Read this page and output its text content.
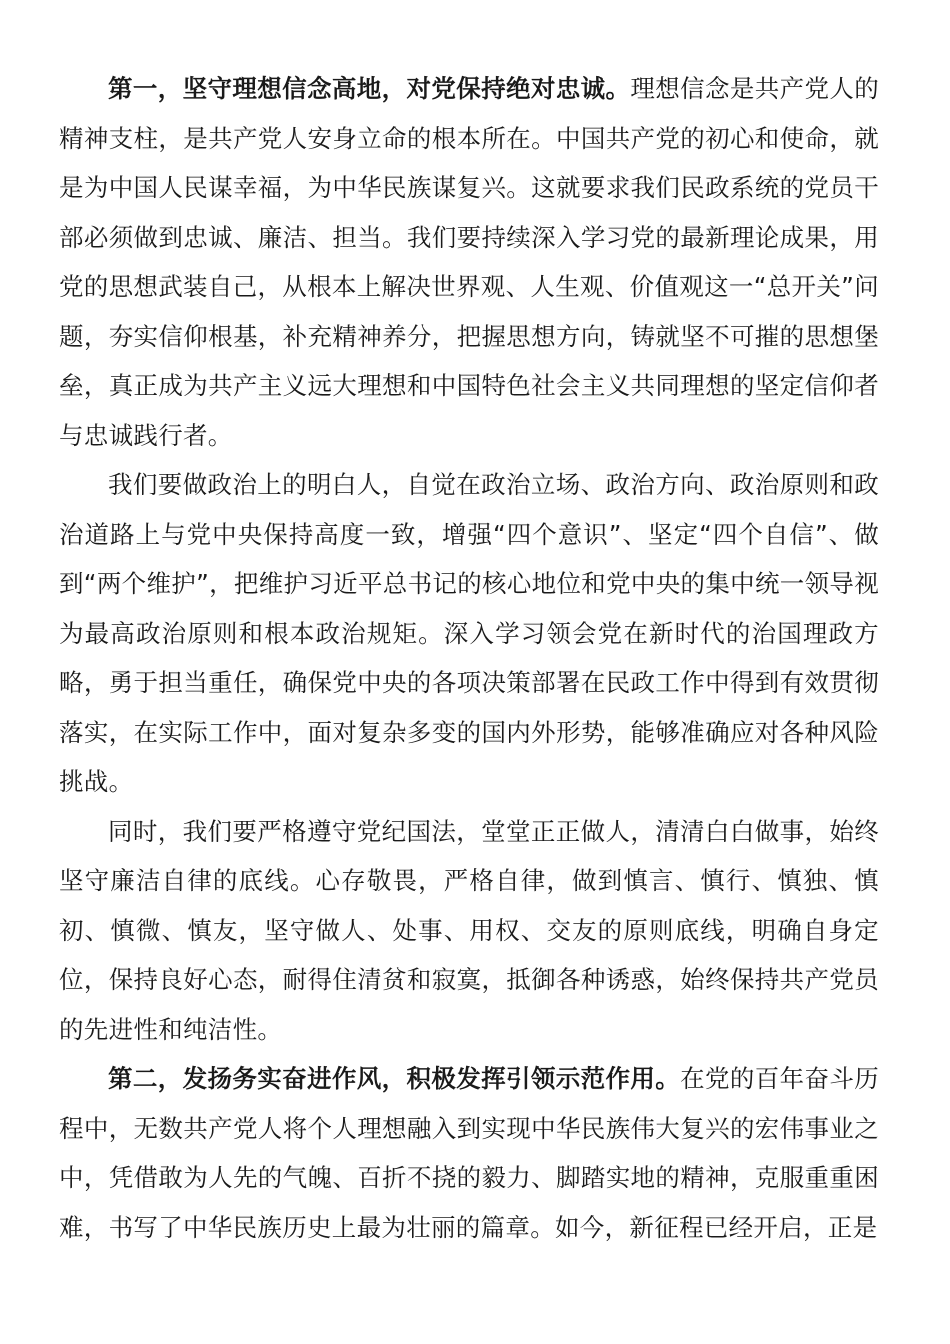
第一，坚守理想信念高地，对党保持绝对忠诚。理想信念是共产党人的精神支柱，是共产党人安身立命的根本所在。中国共产党的初心和使命，就是为中国人民谋幸福，为中华民族谋复兴。这就要求我们民政系统的党员干部必须做到忠诚、廉洁、担当。我们要持续深入学习党的最新理论成果，用党的思想武装自己，从根本上解决世界观、人生观、价值观这一“总开关”问题，夯实信仰根基，补充精神养分，把握思想方向，铸就坚不可摧的思想堡垒，真正成为共产主义远大理想和中国特色社会主义共同理想的坚定信仰者与忠诚践行者。

我们要做政治上的明白人，自觉在政治立场、政治方向、政治原则和政治道路上与党中央保持高度一致，增强“四个意识”、坚定“四个自信”、做到“两个维护”，把维护习近平总书记的核心地位和党中央的集中统一领导视为最高政治原则和根本政治规矩。深入学习领会党在新时代的治国理政方略，勇于担当重任，确保党中央的各项决策部署在民政工作中得到有效贯彻落实，在实际工作中，面对复杂多变的国内外形势，能够准确应对各种风险挑战。

同时，我们要严格遵守党纪国法，堂堂正正做人，清清白白做事，始终坚守廉洁自律的底线。心存敬畏，严格自律，做到慎言、慎行、慎独、慎初、慎微、慎友，坚守做人、处事、用权、交友的原则底线，明确自身定位，保持良好心态，耐得住清贫和寂寞，抵御各种诱惑，始终保持共产党员的先进性和纯洁性。

第二，发扬务实奋进作风，积极发挥引领示范作用。在党的百年奋斗历程中，无数共产党人将个人理想融入到实现中华民族伟大复兴的宏伟事业之中，凭借敢为人先的气魄、百折不挠的毅力、脚踏实地的精神，克服重重困难，书写了中华民族历史上最为壮丽的篇章。如今，新征程已经开启，正是
